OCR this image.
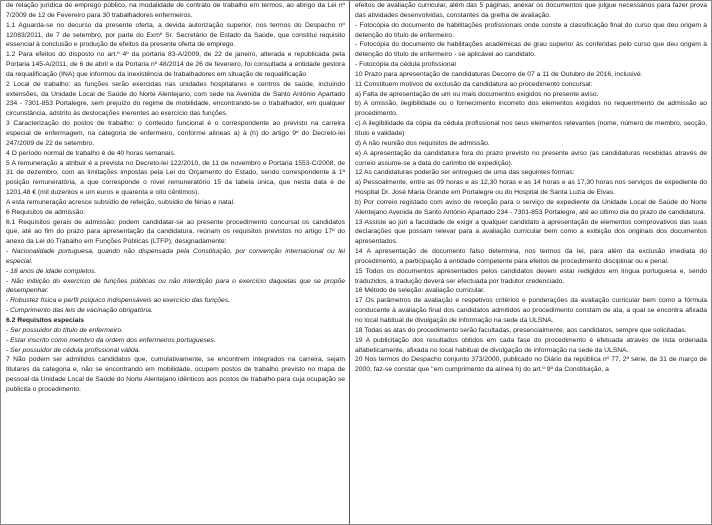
de relação jurídica de emprego público, na modalidade de contrato de trabalho em termos, ao abrigo da Lei nº 7/2009 de 12 de Fevereiro para 30 trabalhadores enfermeiros.

1.1 Aguarda-se no decurso da presente oferta, a devida autorização superior, nos termos do Despacho nº 12083/2011, de 7 de setembro, por parte do Exmº Sr. Secretário de Estado da Saúde, que constitui requisito essencial à conclusão e produção de efeitos da presente oferta de emprego.

1.2 Para efeitos do disposto no art.º 4º da portaria 83-A/2009, de 22 de janeiro, alterada e republicada pela Portaria 145-A/2011, de 6 de abril e da Portaria nº 48/2014 de 26 de fevereiro, foi consultada a entidade gestora da requalificação (INA) que informou da inexistência de trabalhadores em situação de requalificação

2 Local de trabalho: as funções serão exercidas nas unidades hospitalares e centros de saúde, incluindo extensões, da Unidade Local de Saúde do Norte Alentejano, com sede na Avenida de Santo António Apartado 234 - 7301-853 Portalegre, sem prejuízo do regime de mobilidade, encontrando-se o trabalhador, em qualquer circunstância, adstrito às deslocações inerentes ao exercício das funções.

3 Caracterização do postos de trabalho: o conteúdo funcional é o correspondente ao previsto na carreira especial de enfermagem, na categoria de enfermeiro, conforme alíneas a) à (h) do artigo 9º do Decreto-lei 247/2009 de 22 de setembro.

4 O período normal de trabalho é de 40 horas semanais.

5 A remuneração a atribuir é a prevista no Decreto-lei 122/2010, de 11 de novembro e Portaria 1553-C/2008, de 31 de dezembro, com as limitações impostas pela Lei do Orçamento do Estado, sendo correspondente à 1ª posição remuneratória, a que corresponde o nível remuneratório 15 da tabela única, que nesta data é de 1201,48 € (mil duzentos e um euros e quarenta e oito cêntimos).

A esta remuneração acresce subsídio de refeição, subsídio de férias e natal.

6 Requisitos de admissão:

6.1 Requisitos gerais de admissão: podem candidatar-se ao presente procedimento concursal os candidatos que, até ao fim do prazo para apresentação da candidatura, reúnam os requisitos previstos no artigo 17º do anexo da Lei do Trabalho em Funções Públicas (LTFP), designadamente:

- Nacionalidade portuguesa, quando não dispensada pela Constituição, por convenção internacional ou lei especial.

- 18 anos de idade completos.

- Não inibição do exercício de funções públicas ou não interdição para o exercício daquelas que se propõe desempenhar.

- Robustez física e perfil psíquico indispensáveis ao exercício das funções.

- Cumprimento das leis de vacinação obrigatória.

6.2 Requisitos especiais

- Ser possuidor do título de enfermeiro.

- Estar inscrito como membro da ordem dos enfermeiros portugueses.

- Ser possuidor de cédula profissional válida.

7 Não podem ser admitidos candidatos que, cumulativamente, se encontrem integrados na carreira, sejam titulares da categoria e, não se encontrando em mobilidade, ocupem postos de trabalho previsto no mapa de pessoal da Unidade Local de Saúde do Norte Alentejano idênticos aos postos de trabalho para cuja ocupação se publicita o procedimento.

efeitos de avaliação curricular, além das 5 páginas, anexar os documentos que julgue necessários para fazer prova das atividades desenvolvidas, constantes da grelha de avaliação.

- Fotocópia do documento de habilitações profissionais onde conste a classificação final do curso que deu origem à detenção do título de enfermeiro.

- Fotocópia do documento de habilitações académicas de grau superior às conferidas pelo curso que deu origem à detenção do título de enfermeiro - se aplicável ao candidato.

- Fotocópia da cédula profissional

10 Prazo para apresentação de candidaturas Decorre de 07 a 11 de Outubro de 2016, inclusivé.

11 Constituem motivos de exclusão da candidatura ao procedimento concursal:

a) Falta de apresentação de um ou mais documentos exigidos no presente aviso.

b) A omissão, ilegibilidade ou o fornecimento incorreto dos elementos exigidos no requerimento de admissão ao procedimento.

c) A ilegibilidade da cópia da cédula profissional nos seus elementos relevantes (nome, número de membro, secção, título e validade)

d) A não reunião dos requisitos de admissão.

e) A apresentação da candidatura fora do prazo previsto no presente aviso (as candidaturas recebidas através de correio assume-se a data do carimbo de expedição).

12 As candidaturas poderão ser entregues de uma das seguintes formas:

a) Pessoalmente, entre as 09 horas e as 12,30 horas e as 14 horas e as 17,30 horas nos serviços de expediente do Hospital Dr. José Maria Grande em Portalegre ou do Hospital de Santa Luzia de Elvas.

b) Por correio registado com aviso de receção para o serviço de expediente da Unidade Local de Saúde do Norte Alentejano Avenida de Santo António Apartado 234 - 7301-853 Portalegre, até ao último dia do prazo de candidatura.

13 Assiste ao júri a faculdade de exigir a qualquer candidato a apresentação de elementos comprovativos das suas declarações que possam relevar para a avaliação curricular bem como a exibição dos originais dos documentos apresentados.

14 A apresentação de documento falso determina, nos termos da lei, para além da exclusão imediata do procedimento, a participação à entidade competente para efeitos de procedimento disciplinar ou e penal.

15 Todos os documentos apresentados pelos candidatos devem estar redigidos em língua portuguesa e, sendo traduzidos, a tradução deverá ser efectuada por tradutor credenciado.

16 Método de seleção: avaliação curricular.

17 Os parâmetros de avaliação e respetivos critérios e ponderações da avaliação curricular bem como a fórmula conducente à avaliação final dos candidatos admitidos ao procedimento constam de ata, a qual se encontra afixada no local habitual de divulgação de informação na sede da ULSNA.

18 Todas as atas do procedimento serão facultadas, presencialmente, aos candidatos, sempre que solicitadas.

19 A publicitação dos resultados obtidos em cada fase do procedimento é efetuada através de lista ordenada alfabeticamente, afixada no local habitual de divulgação de informação na sede da ULSNA.

20 Nos termos do Despacho conjunto 373/2000, publicado no Diário da república nº 77, 2ª série, de 31 de março de 2000, faz-se constar que "em cumprimento da alínea h) do art.º 9º da Constituição, a
